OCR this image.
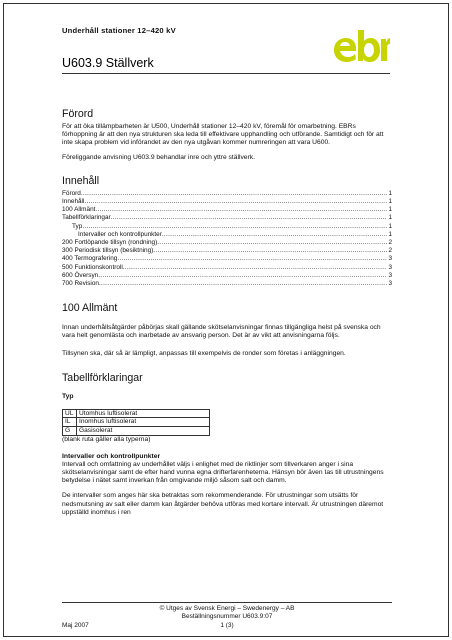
Underhåll stationer 12–420 kV
U603.9 Ställverk
Förord

För att öka tillämpbarheten är U500, Underhåll stationer 12–420 kV, föremål för omarbetning. EBRs förhoppning är att den nya strukturen ska leda till effektivare upphandling och utförande. Samtidigt och för att inte skapa problem vid införandet av den nya utgåvan kommer numreringen att vara U600.

Föreliggande anvisning U603.9 behandlar inre och yttre ställverk.

Innehåll
Förord .....	1
Innehåll .....	1
100 Allmänt .....	1
Tabellförklaringar .....	1
Typ .....	1
Intervaller och kontrollpunkter .....	1
200 Fortlöpande tillsyn (rondning) .....	2
300 Periodisk tillsyn (besiktning) .....	2
400 Termografering .....	3
500 Funktionskontroll .....	3
600 Översyn .....	3
700 Revision .....	3
100 Allmänt

Innan underhållsåtgärder påbörjas skall gällande skötselanvisningar finnas tillgängliga helst på svenska och vara helt genomlästa och inarbetade av ansvarig person. Det är av vikt att anvisningarna följs.

Tillsynen ska, där så är lämpligt, anpassas till exempelvis de ronder som företas i anläggningen.

Tabellförklaringar
Typ
UL	Utomhus luftisolerat
IL	Inomhus luftisolerat
G	Gasisolerat

(blank ruta gäller alla typerna)

Intervaller och kontrollpunkter

Intervall och omfattning av underhållet väljs i enlighet med de riktlinjer som tillverkaren anger i sina skötselanvisningar samt de efter hand vunna egna drifterfarenheterna. Hänsyn bör även tas till utrustningens betydelse i nätet samt inverkan från omgivande miljö såsom salt och damm.

De intervaller som anges här ska betraktas som rekommenderande. För utrustningar som utsätts för nedsmutsning av salt eller damm kan åtgärder behöva utföras med kortare intervall. Är utrustningen däremot uppställd inomhus i ren

© Utges av Svensk Energi – Swedenergy – AB
Beställningsnummer U603.9:07
1 (3)
Maj 2007
